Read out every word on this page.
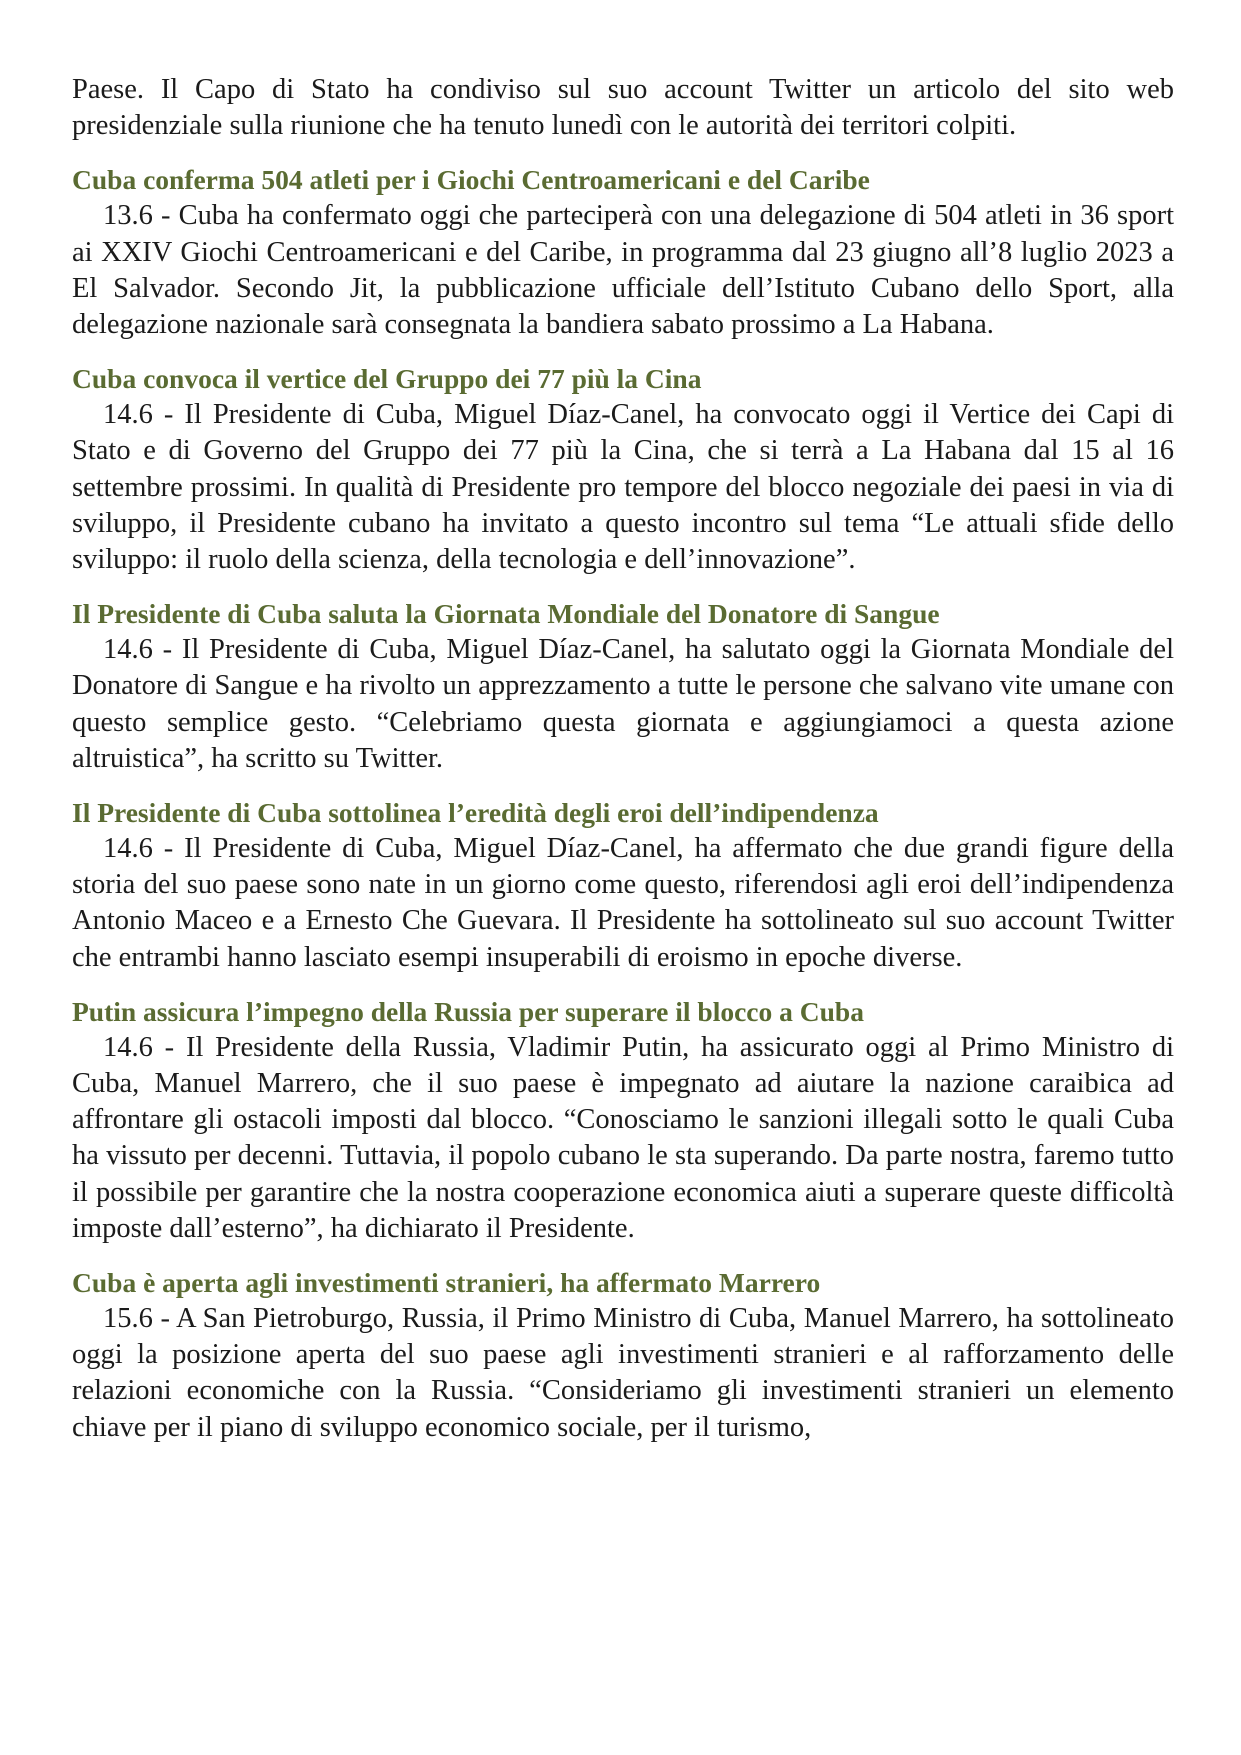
Paese. Il Capo di Stato ha condiviso sul suo account Twitter un articolo del sito web presidenziale sulla riunione che ha tenuto lunedì con le autorità dei territori colpiti.

Cuba conferma 504 atleti per i Giochi Centroamericani e del Caribe

13.6 - Cuba ha confermato oggi che parteciperà con una delegazione di 504 atleti in 36 sport ai XXIV Giochi Centroamericani e del Caribe, in programma dal 23 giugno all’8 luglio 2023 a El Salvador. Secondo Jit, la pubblicazione ufficiale dell’Istituto Cubano dello Sport, alla delegazione nazionale sarà consegnata la bandiera sabato prossimo a La Habana.

Cuba convoca il vertice del Gruppo dei 77 più la Cina

14.6 - Il Presidente di Cuba, Miguel Díaz-Canel, ha convocato oggi il Vertice dei Capi di Stato e di Governo del Gruppo dei 77 più la Cina, che si terrà a La Habana dal 15 al 16 settembre prossimi. In qualità di Presidente pro tempore del blocco negoziale dei paesi in via di sviluppo, il Presidente cubano ha invitato a questo incontro sul tema “Le attuali sfide dello sviluppo: il ruolo della scienza, della tecnologia e dell’innovazione”.

Il Presidente di Cuba saluta la Giornata Mondiale del Donatore di Sangue

14.6 - Il Presidente di Cuba, Miguel Díaz-Canel, ha salutato oggi la Giornata Mondiale del Donatore di Sangue e ha rivolto un apprezzamento a tutte le persone che salvano vite umane con questo semplice gesto. “Celebriamo questa giornata e aggiungiamoci a questa azione altruistica”, ha scritto su Twitter.

Il Presidente di Cuba sottolinea l’eredità degli eroi dell’indipendenza

14.6 - Il Presidente di Cuba, Miguel Díaz-Canel, ha affermato che due grandi figure della storia del suo paese sono nate in un giorno come questo, riferendosi agli eroi dell’indipendenza Antonio Maceo e a Ernesto Che Guevara. Il Presidente ha sottolineato sul suo account Twitter che entrambi hanno lasciato esempi insuperabili di eroismo in epoche diverse.

Putin assicura l’impegno della Russia per superare il blocco a Cuba

14.6 - Il Presidente della Russia, Vladimir Putin, ha assicurato oggi al Primo Ministro di Cuba, Manuel Marrero, che il suo paese è impegnato ad aiutare la nazione caraibica ad affrontare gli ostacoli imposti dal blocco. “Conosciamo le sanzioni illegali sotto le quali Cuba ha vissuto per decenni. Tuttavia, il popolo cubano le sta superando. Da parte nostra, faremo tutto il possibile per garantire che la nostra cooperazione economica aiuti a superare queste difficoltà imposte dall’esterno”, ha dichiarato il Presidente.

Cuba è aperta agli investimenti stranieri, ha affermato Marrero

15.6 - A San Pietroburgo, Russia, il Primo Ministro di Cuba, Manuel Marrero, ha sottolineato oggi la posizione aperta del suo paese agli investimenti stranieri e al rafforzamento delle relazioni economiche con la Russia. “Consideriamo gli investimenti stranieri un elemento chiave per il piano di sviluppo economico sociale, per il turismo,
